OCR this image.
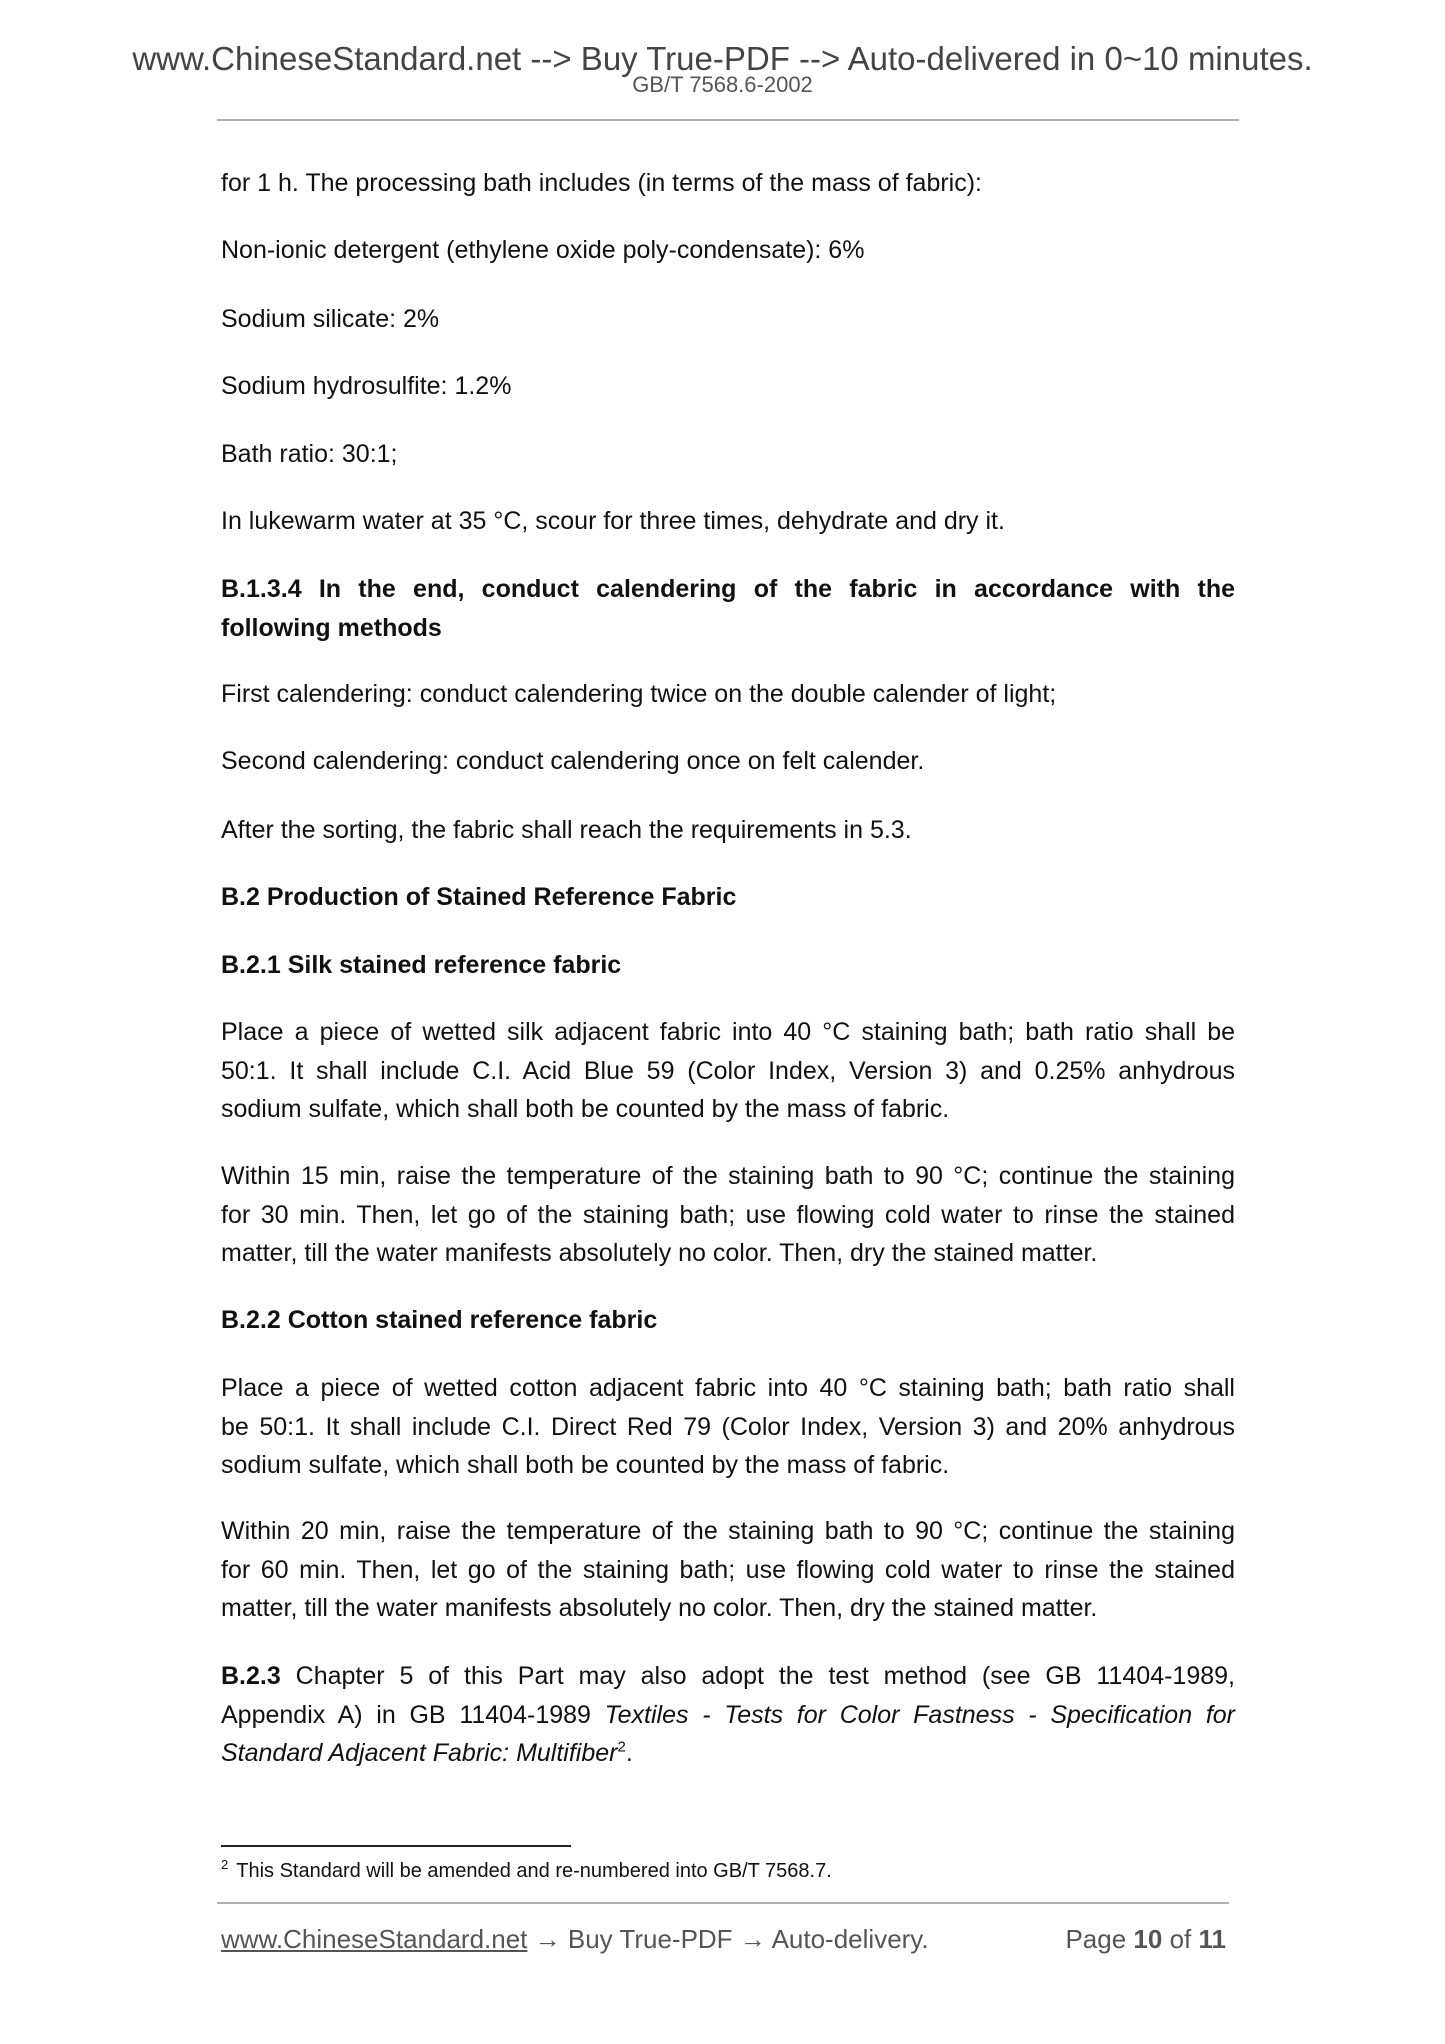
www.ChineseStandard.net --> Buy True-PDF --> Auto-delivered in 0~10 minutes.
GB/T 7568.6-2002
for 1 h. The processing bath includes (in terms of the mass of fabric):
Non-ionic detergent (ethylene oxide poly-condensate): 6%
Sodium silicate: 2%
Sodium hydrosulfite: 1.2%
Bath ratio: 30:1;
In lukewarm water at 35 °C, scour for three times, dehydrate and dry it.
B.1.3.4 In the end, conduct calendering of the fabric in accordance with the
following methods
First calendering: conduct calendering twice on the double calender of light;
Second calendering: conduct calendering once on felt calender.
After the sorting, the fabric shall reach the requirements in 5.3.
B.2 Production of Stained Reference Fabric
B.2.1 Silk stained reference fabric
Place a piece of wetted silk adjacent fabric into 40 °C staining bath; bath ratio shall be
50:1. It shall include C.I. Acid Blue 59 (Color Index, Version 3) and 0.25% anhydrous
sodium sulfate, which shall both be counted by the mass of fabric.
Within 15 min, raise the temperature of the staining bath to 90 °C; continue the staining
for 30 min. Then, let go of the staining bath; use flowing cold water to rinse the stained
matter, till the water manifests absolutely no color. Then, dry the stained matter.
B.2.2 Cotton stained reference fabric
Place a piece of wetted cotton adjacent fabric into 40 °C staining bath; bath ratio shall
be 50:1. It shall include C.I. Direct Red 79 (Color Index, Version 3) and 20% anhydrous
sodium sulfate, which shall both be counted by the mass of fabric.
Within 20 min, raise the temperature of the staining bath to 90 °C; continue the staining
for 60 min. Then, let go of the staining bath; use flowing cold water to rinse the stained
matter, till the water manifests absolutely no color. Then, dry the stained matter.
B.2.3 Chapter 5 of this Part may also adopt the test method (see GB 11404-1989,
Appendix A) in GB 11404-1989 Textiles - Tests for Color Fastness - Specification for
Standard Adjacent Fabric: Multifiber$^2$.
$^2$ This Standard will be amended and re-numbered into GB/T 7568.7.
www.ChineseStandard.net → Buy True-PDF → Auto-delivery.	Page 10 of 11
